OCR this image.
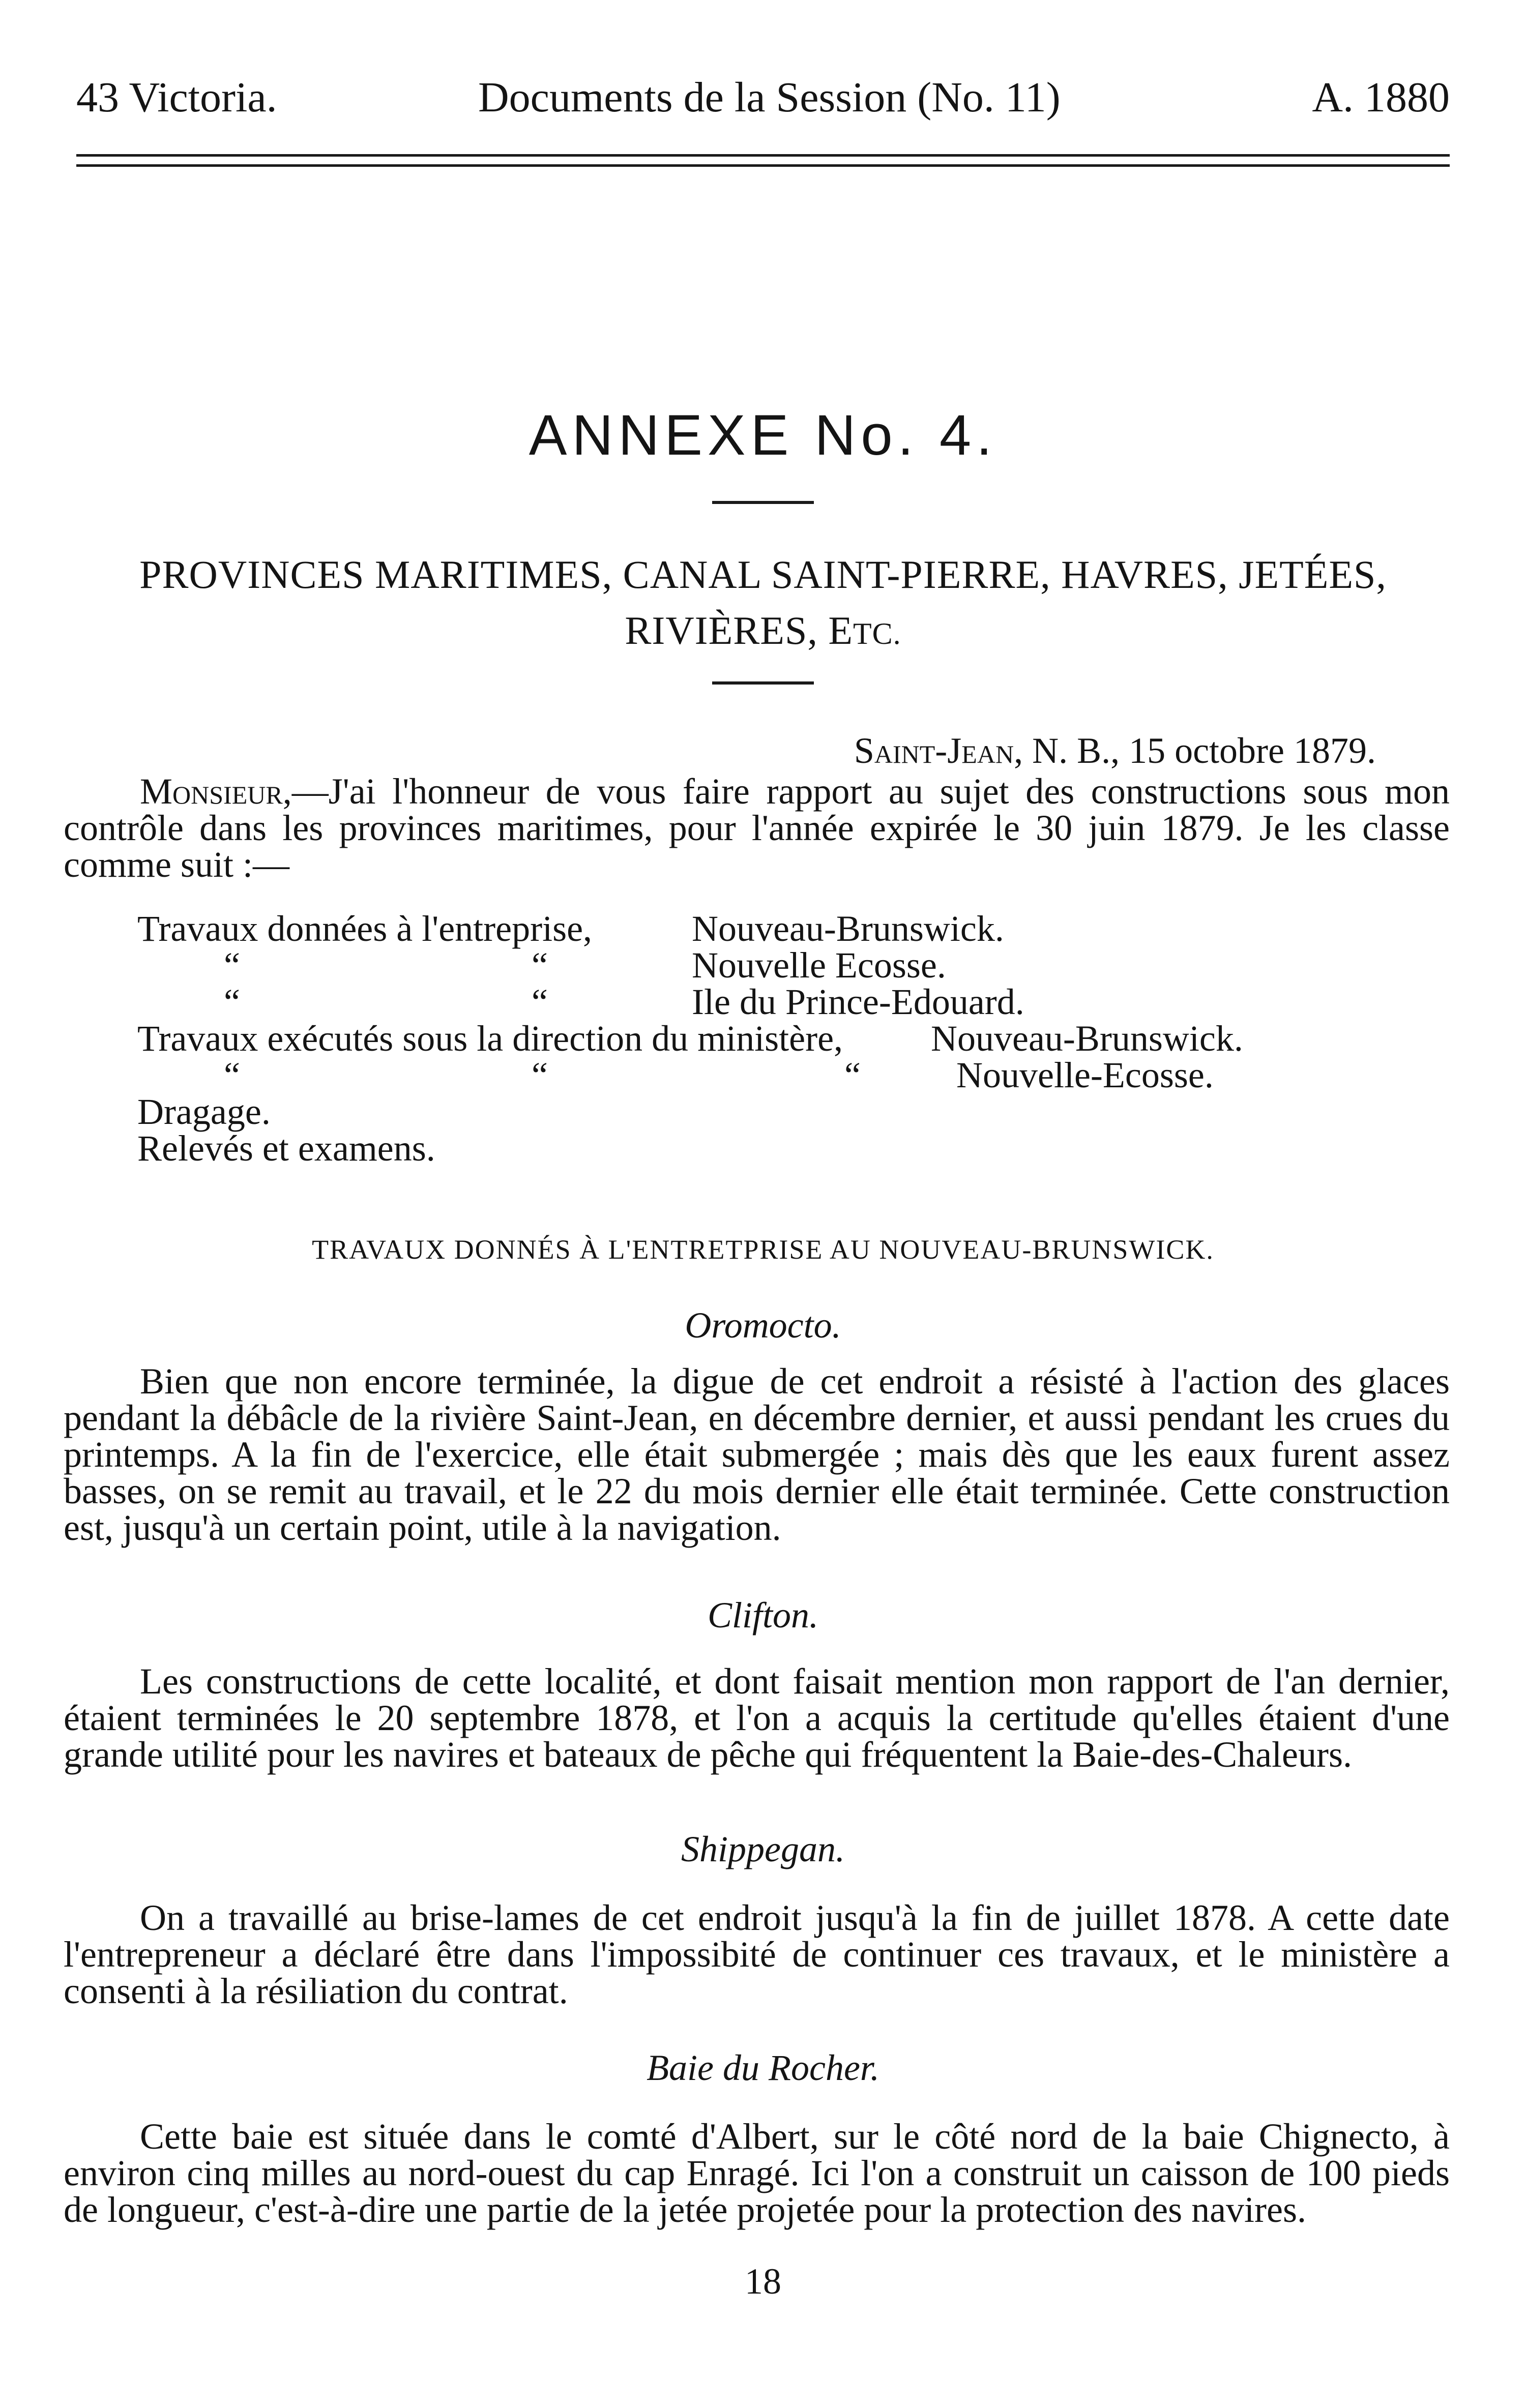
43 Victoria.	Documents de la Session (No. 11)	A. 1880
ANNEXE No. 4.
PROVINCES MARITIMES, CANAL SAINT-PIERRE, HAVRES, JETÉES,
RIVIÈRES, ETC.
Saint-Jean, N. B., 15 octobre 1879.
Monsieur,—J'ai l'honneur de vous faire rapport au sujet des constructions sous mon contrôle dans les provinces maritimes, pour l'année expirée le 30 juin 1879. Je les classe comme suit :—
Travaux données à l'entreprise,	Nouveau-Brunswick.
“	“	Nouvelle Ecosse.
“	“	Ile du Prince-Edouard.
Travaux exécutés sous la direction du ministère, Nouveau-Brunswick.
“	“	“	Nouvelle-Ecosse.
Dragage.
Relevés et examens.
TRAVAUX DONNÉS À L'ENTRETPRISE AU NOUVEAU-BRUNSWICK.
Oromocto.
Bien que non encore terminée, la digue de cet endroit a résisté à l'action des glaces pendant la débâcle de la rivière Saint-Jean, en décembre dernier, et aussi pendant les crues du printemps. A la fin de l'exercice, elle était submergée ; mais dès que les eaux furent assez basses, on se remit au travail, et le 22 du mois dernier elle était terminée. Cette construction est, jusqu'à un certain point, utile à la navigation.
Clifton.
Les constructions de cette localité, et dont faisait mention mon rapport de l'an dernier, étaient terminées le 20 septembre 1878, et l'on a acquis la certitude qu'elles étaient d'une grande utilité pour les navires et bateaux de pêche qui fréquentent la Baie-des-Chaleurs.
Shippegan.
On a travaillé au brise-lames de cet endroit jusqu'à la fin de juillet 1878. A cette date l'entrepreneur a déclaré être dans l'impossibité de continuer ces travaux, et le ministère a consenti à la résiliation du contrat.
Baie du Rocher.
Cette baie est située dans le comté d'Albert, sur le côté nord de la baie Chignecto, à environ cinq milles au nord-ouest du cap Enragé. Ici l'on a construit un caisson de 100 pieds de longueur, c'est-à-dire une partie de la jetée projetée pour la protection des navires.
18
